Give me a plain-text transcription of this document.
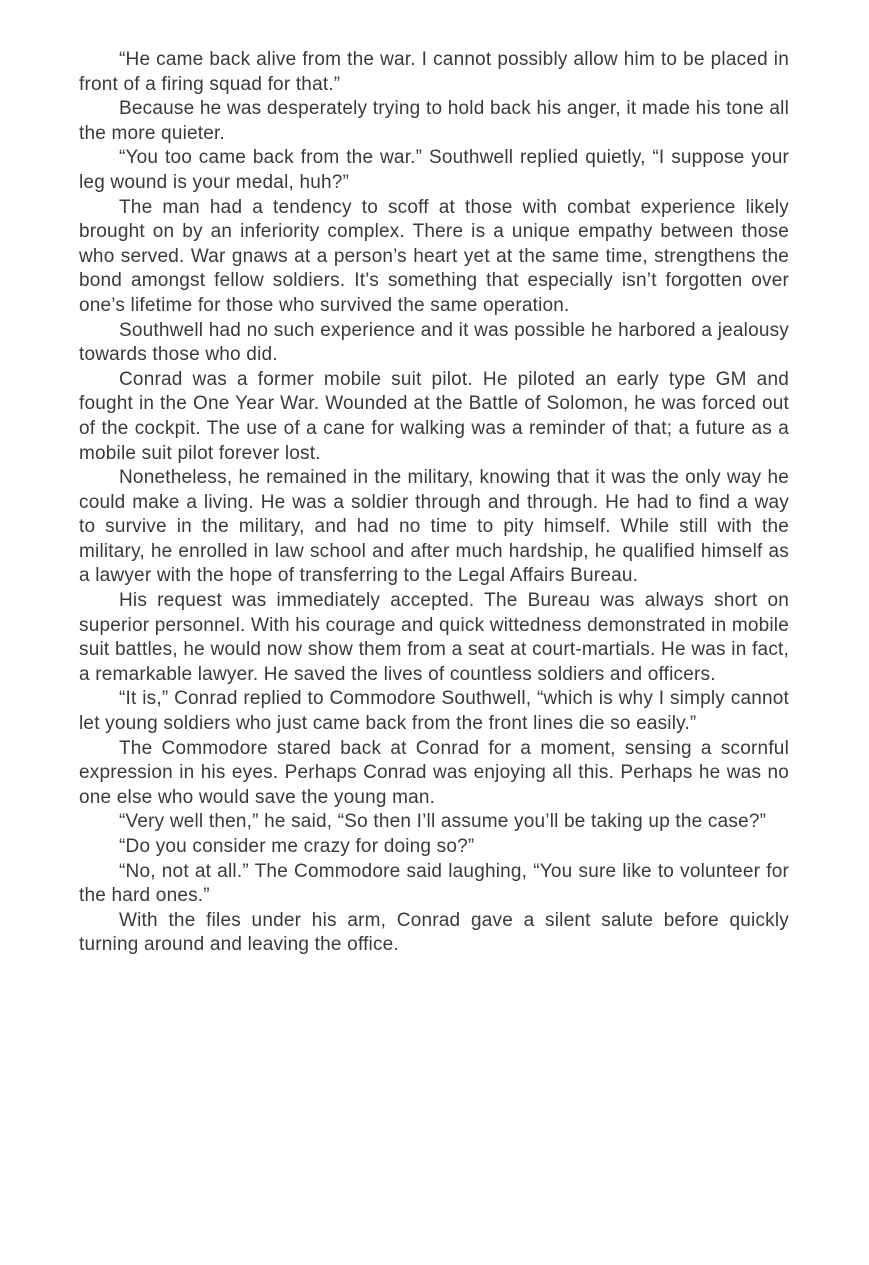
“He came back alive from the war. I cannot possibly allow him to be placed in front of a firing squad for that.”

Because he was desperately trying to hold back his anger, it made his tone all the more quieter.

“You too came back from the war.” Southwell replied quietly, “I suppose your leg wound is your medal, huh?”

The man had a tendency to scoff at those with combat experience likely brought on by an inferiority complex. There is a unique empathy between those who served. War gnaws at a person’s heart yet at the same time, strengthens the bond amongst fellow soldiers. It’s something that especially isn’t forgotten over one’s lifetime for those who survived the same operation.

Southwell had no such experience and it was possible he harbored a jealousy towards those who did.

Conrad was a former mobile suit pilot. He piloted an early type GM and fought in the One Year War. Wounded at the Battle of Solomon, he was forced out of the cockpit. The use of a cane for walking was a reminder of that; a future as a mobile suit pilot forever lost.

Nonetheless, he remained in the military, knowing that it was the only way he could make a living. He was a soldier through and through. He had to find a way to survive in the military, and had no time to pity himself. While still with the military, he enrolled in law school and after much hardship, he qualified himself as a lawyer with the hope of transferring to the Legal Affairs Bureau.

His request was immediately accepted. The Bureau was always short on superior personnel. With his courage and quick wittedness demonstrated in mobile suit battles, he would now show them from a seat at court-martials. He was in fact, a remarkable lawyer. He saved the lives of countless soldiers and officers.

“It is,” Conrad replied to Commodore Southwell, “which is why I simply cannot let young soldiers who just came back from the front lines die so easily.”

The Commodore stared back at Conrad for a moment, sensing a scornful expression in his eyes. Perhaps Conrad was enjoying all this. Perhaps he was no one else who would save the young man.

“Very well then,” he said, “So then I’ll assume you’ll be taking up the case?”

“Do you consider me crazy for doing so?”

“No, not at all.” The Commodore said laughing, “You sure like to volunteer for the hard ones.”

With the files under his arm, Conrad gave a silent salute before quickly turning around and leaving the office.
